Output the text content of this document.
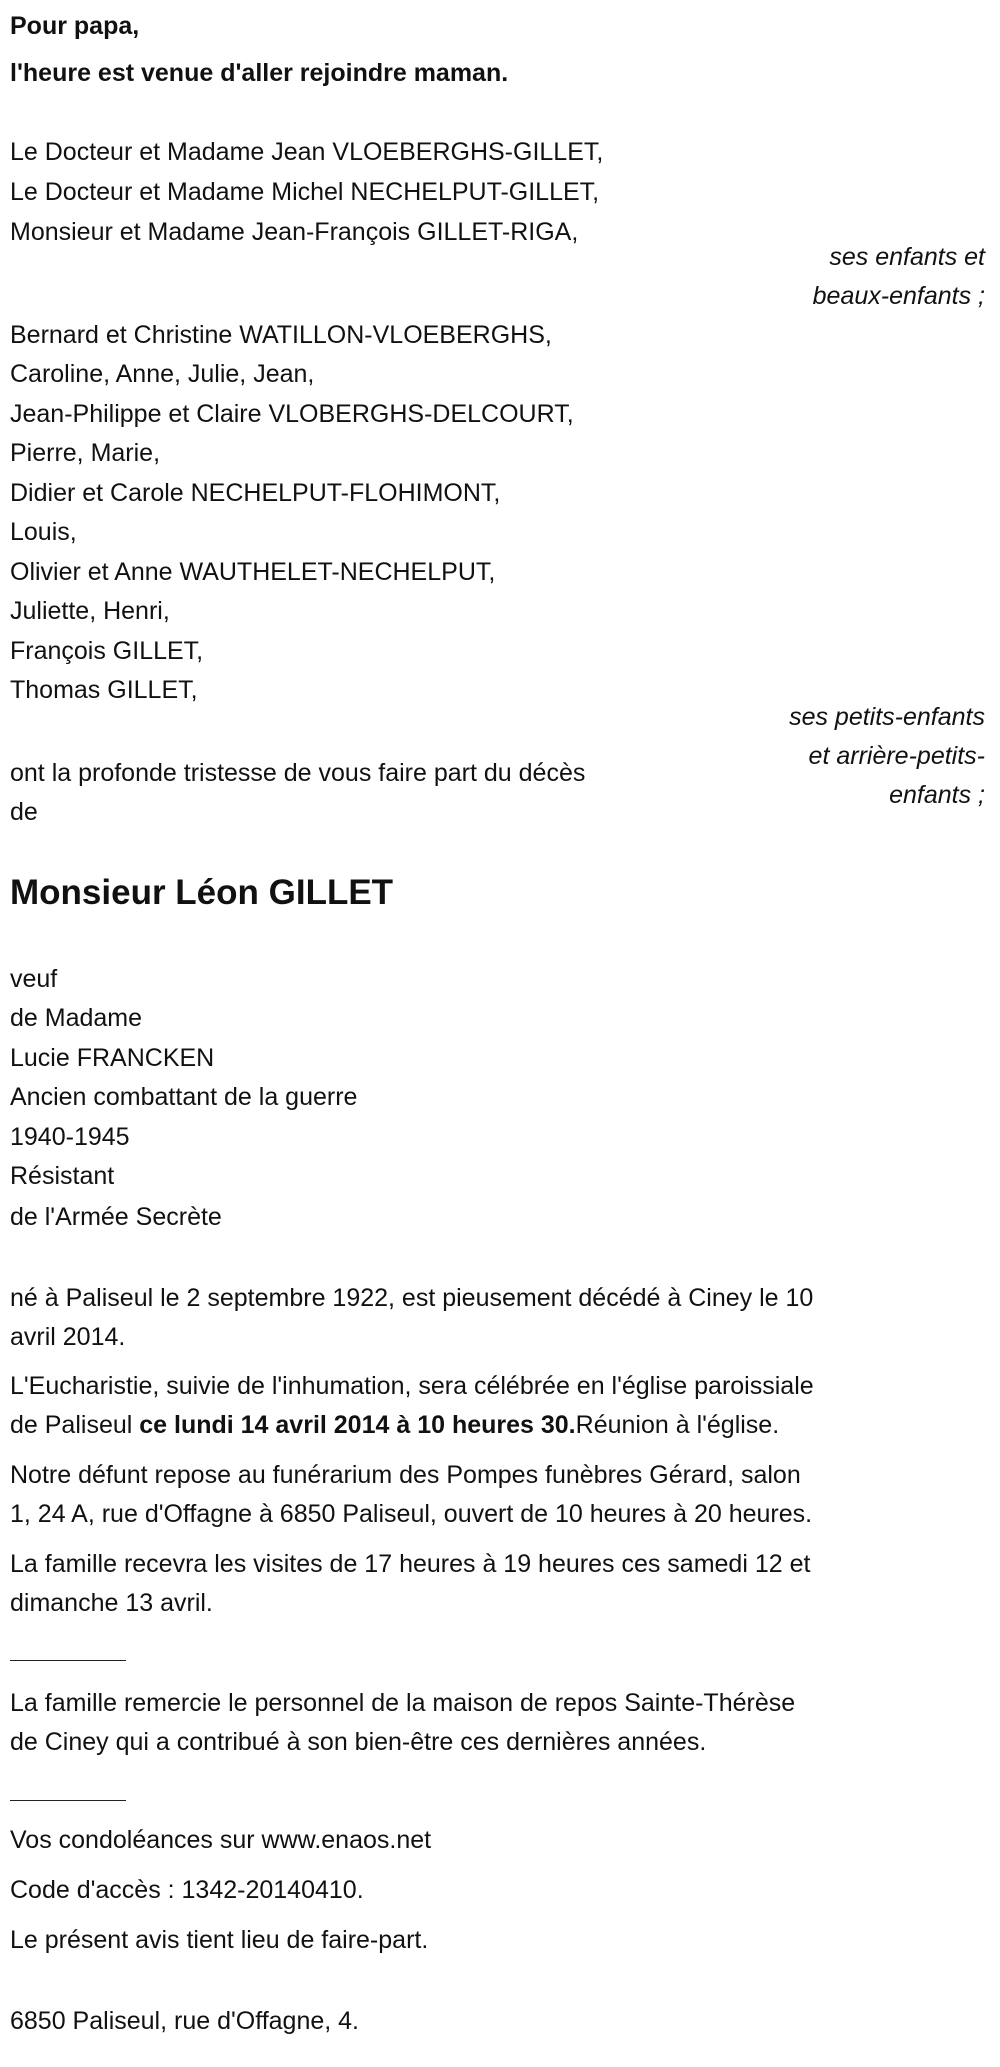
Pour papa,
l'heure est venue d'aller rejoindre maman.
Le Docteur et Madame Jean VLOEBERGHS-GILLET,
Le Docteur et Madame Michel NECHELPUT-GILLET,
Monsieur et Madame Jean-François GILLET-RIGA,
ses enfants et
beaux-enfants ;
Bernard et Christine WATILLON-VLOEBERGHS,
Caroline, Anne, Julie, Jean,
Jean-Philippe et Claire VLOBERGHS-DELCOURT,
Pierre, Marie,
Didier et Carole NECHELPUT-FLOHIMONT,
Louis,
Olivier et Anne WAUTHELET-NECHELPUT,
Juliette, Henri,
François GILLET,
Thomas GILLET,
ses petits-enfants
et arrière-petits-
enfants ;
ont la profonde tristesse de vous faire part du décès
de
Monsieur Léon GILLET
veuf
de Madame
Lucie FRANCKEN
Ancien combattant de la guerre
1940-1945
Résistant
de l'Armée Secrète
né à Paliseul le 2 septembre 1922, est pieusement décédé à Ciney le 10
avril 2014.
L'Eucharistie, suivie de l'inhumation, sera célébrée en l'église paroissiale
de Paliseul ce lundi 14 avril 2014 à 10 heures 30.Réunion à l'église.
Notre défunt repose au funérarium des Pompes funèbres Gérard, salon
1, 24 A, rue d'Offagne à 6850 Paliseul, ouvert de 10 heures à 20 heures.
La famille recevra les visites de 17 heures à 19 heures ces samedi 12 et
dimanche 13 avril.
La famille remercie le personnel de la maison de repos Sainte-Thérèse
de Ciney qui a contribué à son bien-être ces dernières années.
Vos condoléances sur www.enaos.net
Code d'accès : 1342-20140410.
Le présent avis tient lieu de faire-part.
6850 Paliseul, rue d'Offagne, 4.
